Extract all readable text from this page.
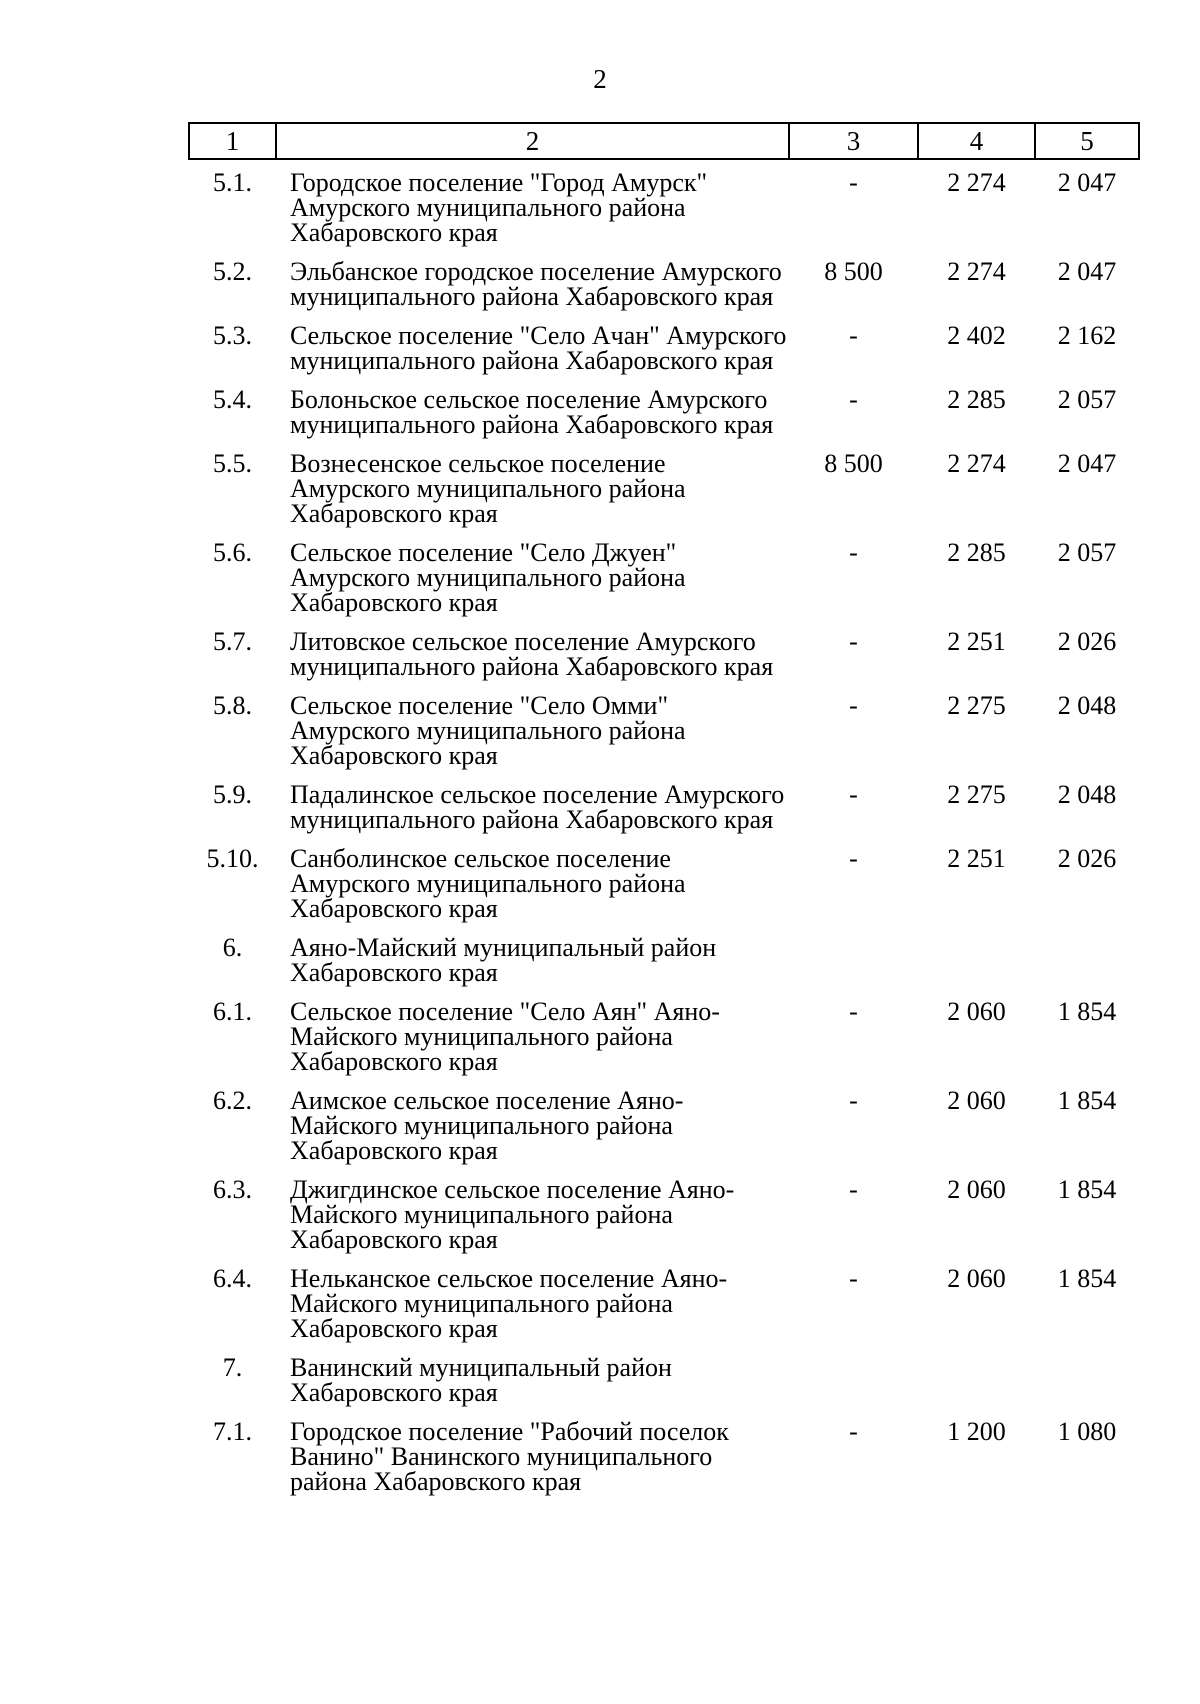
2
1	2	3	4	5
5.1.	Городское поселение "Город Амурск" Амурского муниципального района Хабаровского края	-	2 274	2 047
5.2.	Эльбанское городское поселение Амурского муниципального района Хабаровского края	8 500	2 274	2 047
5.3.	Сельское поселение "Село Ачан" Амурского муниципального района Хабаровского края	-	2 402	2 162
5.4.	Болоньское сельское поселение Амурского муниципального района Хабаровского края	-	2 285	2 057
5.5.	Вознесенское сельское поселение Амурского муниципального района Хабаровского края	8 500	2 274	2 047
5.6.	Сельское поселение "Село Джуен" Амурского муниципального района Хабаровского края	-	2 285	2 057
5.7.	Литовское сельское поселение Амурского муниципального района Хабаровского края	-	2 251	2 026
5.8.	Сельское поселение "Село Омми" Амурского муниципального района Хабаровского края	-	2 275	2 048
5.9.	Падалинское сельское поселение Амурского муниципального района Хабаровского края	-	2 275	2 048
5.10.	Санболинское сельское поселение Амурского муниципального района Хабаровского края	-	2 251	2 026
6.	Аяно-Майский муниципальный район Хабаровского края			
6.1.	Сельское поселение "Село Аян" Аяно-Майского муниципального района Хабаровского края	-	2 060	1 854
6.2.	Аимское сельское поселение Аяно-Майского муниципального района Хабаровского края	-	2 060	1 854
6.3.	Джигдинское сельское поселение Аяно-Майского муниципального района Хабаровского края	-	2 060	1 854
6.4.	Нельканское сельское поселение Аяно-Майского муниципального района Хабаровского края	-	2 060	1 854
7.	Ванинский муниципальный район Хабаровского края			
7.1.	Городское поселение "Рабочий поселок Ванино" Ванинского муниципального района Хабаровского края	-	1 200	1 080
